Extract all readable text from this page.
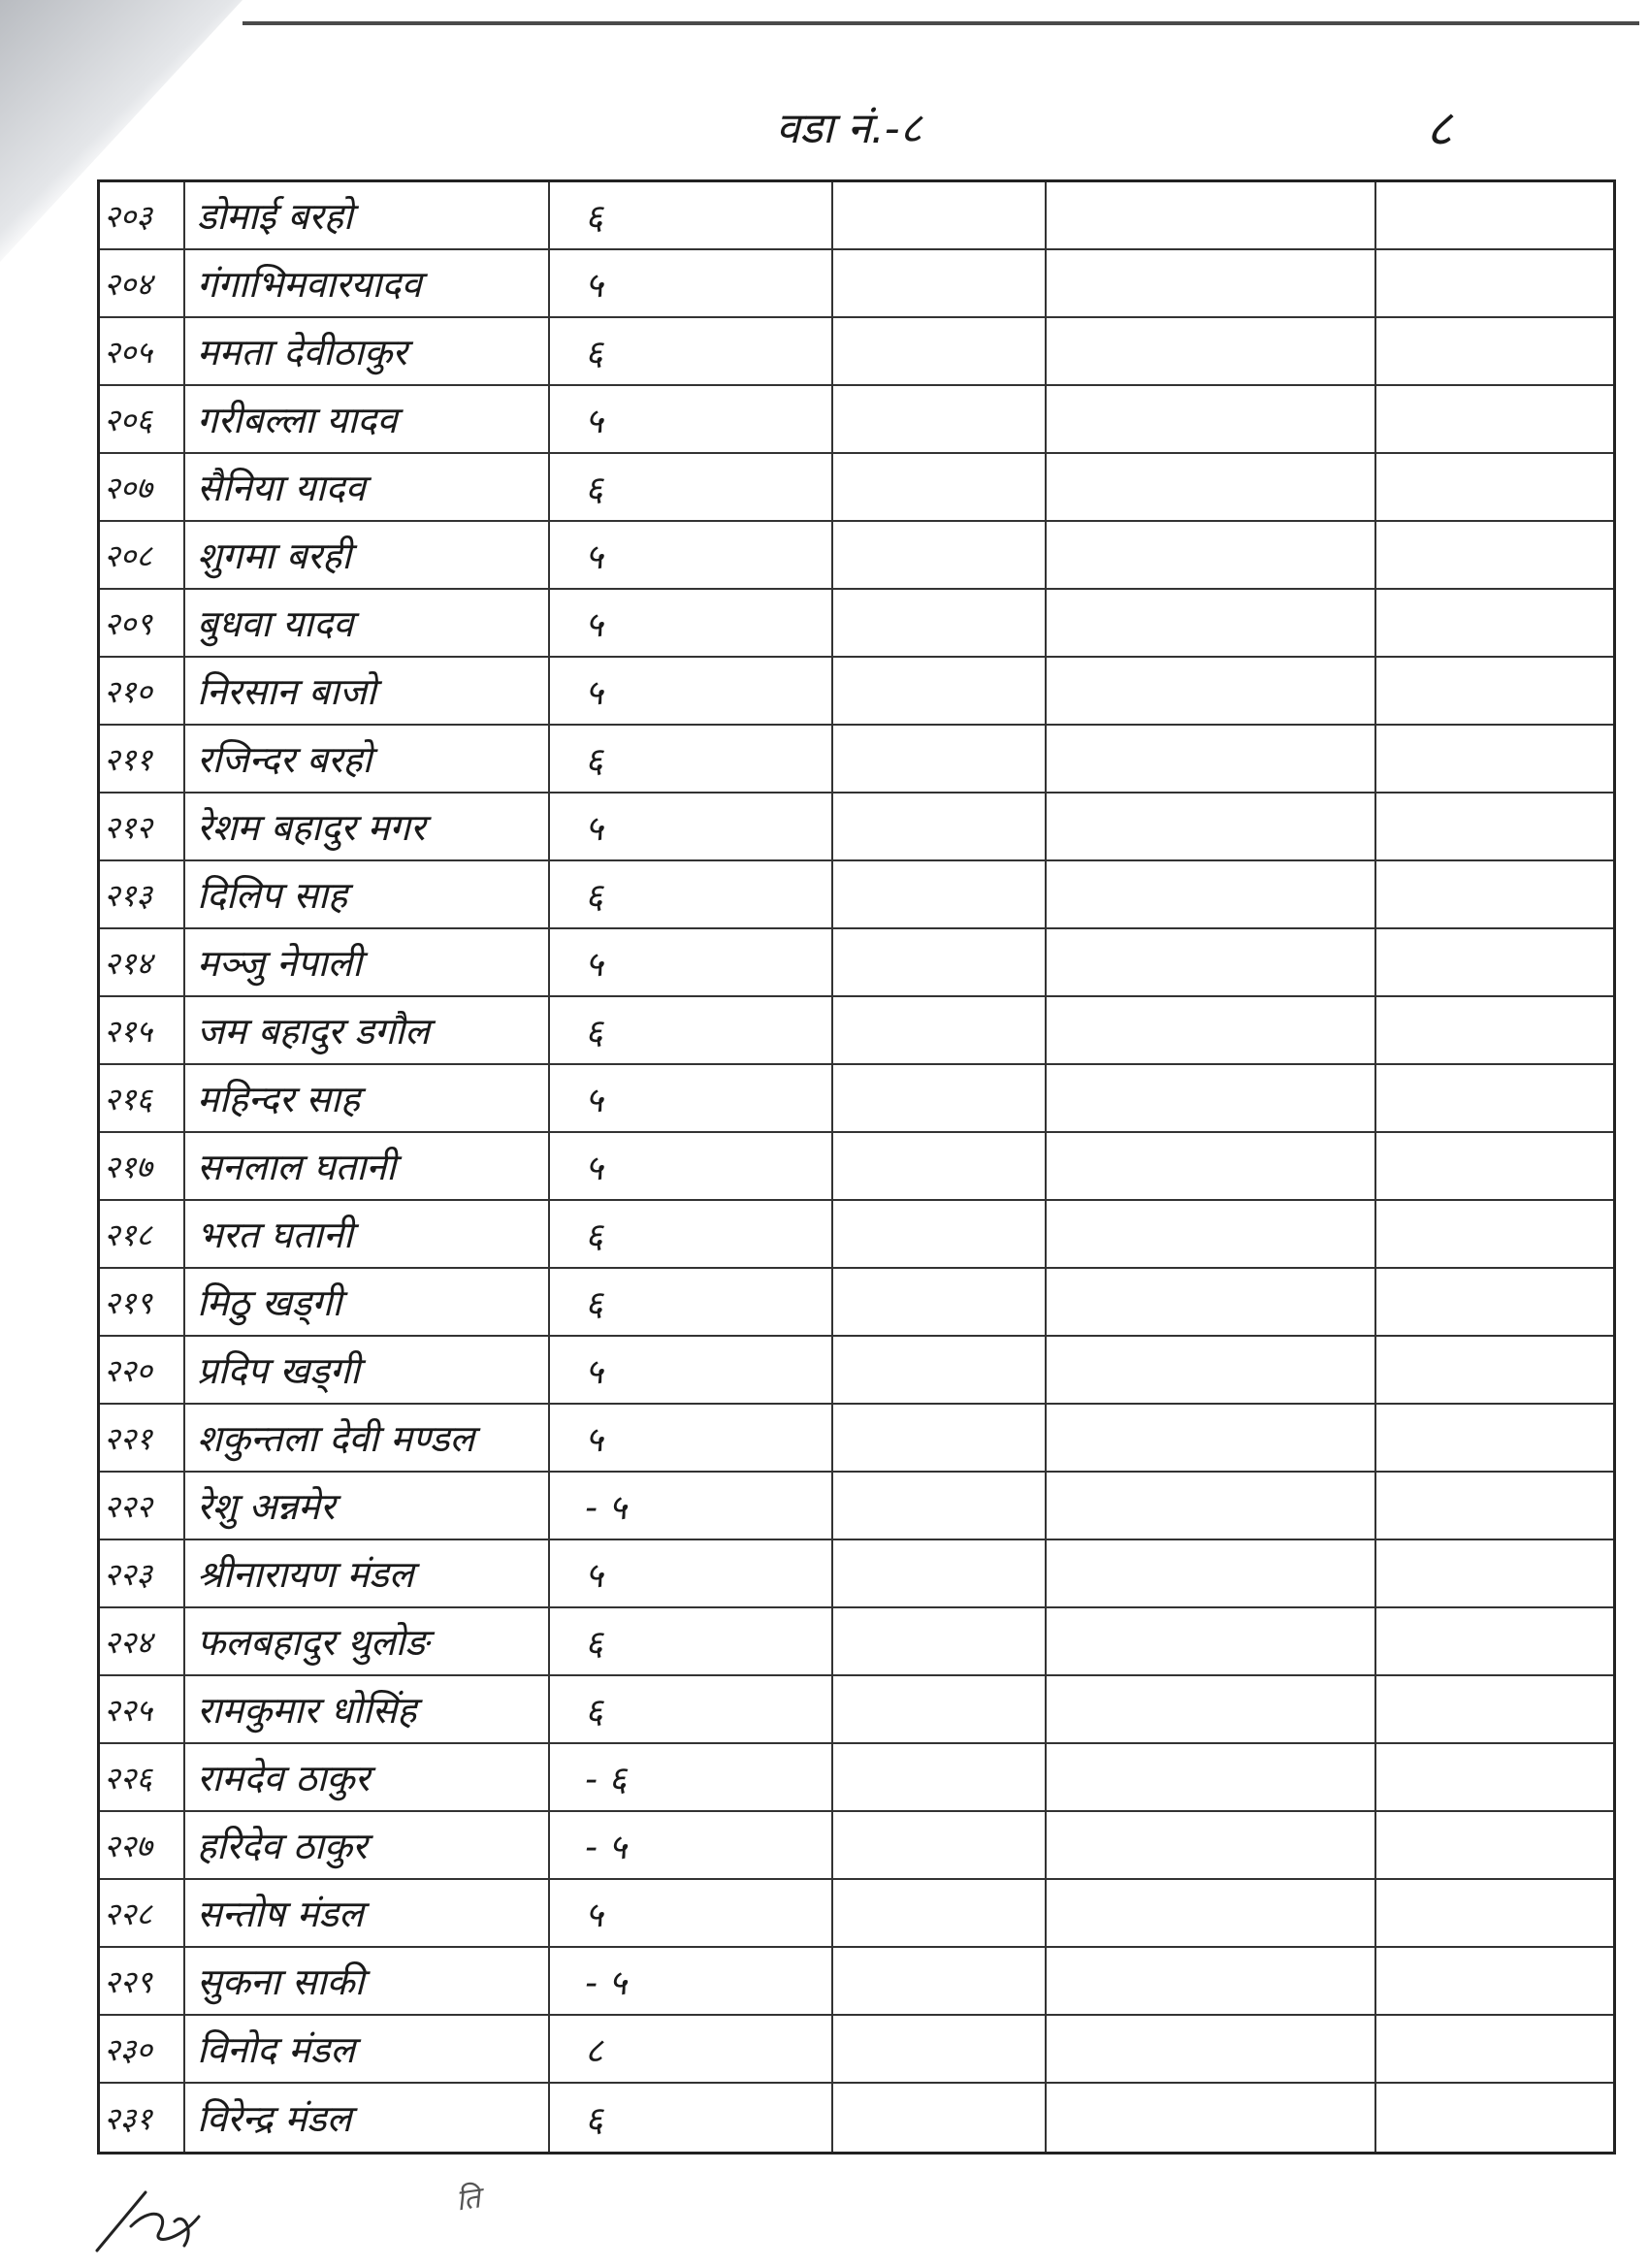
वडा नं.-८	८
२०३	डोमाई बरहो	६
२०४	गंगाभिमवारयादव	५
२०५	ममता देवीठाकुर	६
२०६	गरीबल्ला यादव	५
२०७	सैनिया यादव	६
२०८	शुगमा बरही	५
२०९	बुधवा यादव	५
२१०	निरसान बाजो	५
२११	रजिन्दर बरहो	६
२१२	रेशम बहादुर मगर	५
२१३	दिलिप साह	६
२१४	मञ्जु नेपाली	५
२१५	जम बहादुर डगौल	६
२१६	महिन्दर साह	५
२१७	सनलाल घतानी	५
२१८	भरत घतानी	६
२१९	मिठु खड्गी	६
२२०	प्रदिप खड्गी	५
२२१	शकुन्तला देवी मण्डल	५
२२२	रेशु अन्नमेर	- ५
२२३	श्रीनारायण मंडल	५
२२४	फलबहादुर थुलोङ	६
२२५	रामकुमार धोसिंह	६
२२६	रामदेव ठाकुर	- ६
२२७	हरिदेव ठाकुर	- ५
२२८	सन्तोष मंडल	५
२२९	सुकना साकी	- ५
२३०	विनोद मंडल	८
२३१	विरेन्द्र मंडल	६
ति
